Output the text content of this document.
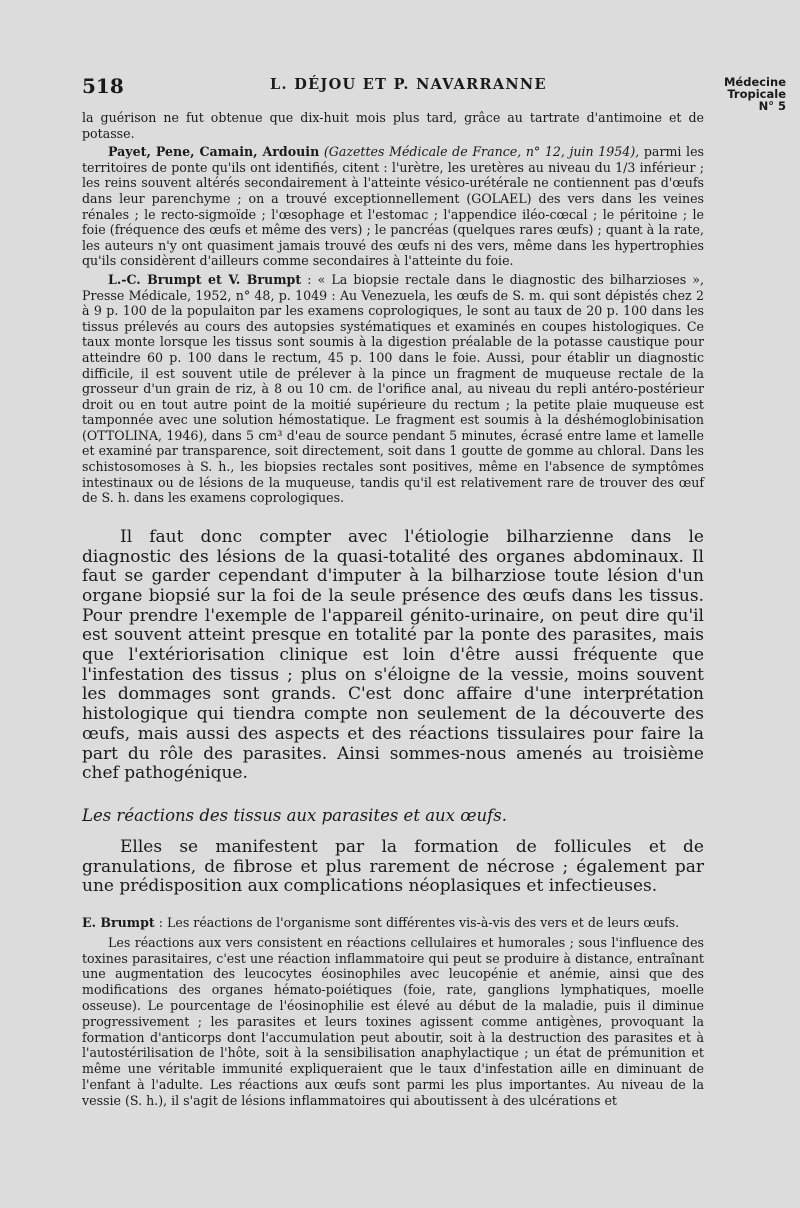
518	L. DÉJOU ET P. NAVARRANNE	Médecine
Tropicale
N° 5

la guérison ne fut obtenue que dix-huit mois plus tard, grâce au tartrate d'antimoine et de potasse.

Payet, Pene, Camain, Ardouin (Gazettes Médicale de France, n° 12, juin 1954), parmi les territoires de ponte qu'ils ont identifiés, citent : l'urètre, les uretères au niveau du 1/3 inférieur ; les reins souvent altérés secondairement à l'atteinte vésico-urétérale ne contiennent pas d'œufs dans leur parenchyme ; on a trouvé exceptionnellement (GOLAEL) des vers dans les veines rénales ; le recto-sigmoïde ; l'œsophage et l'estomac ; l'appendice iléo-cœcal ; le péritoine ; le foie (fréquence des œufs et même des vers) ; le pancréas (quelques rares œufs) ; quant à la rate, les auteurs n'y ont quasiment jamais trouvé des œufs ni des vers, même dans les hypertrophies qu'ils considèrent d'ailleurs comme secondaires à l'atteinte du foie.

L.-C. Brumpt et V. Brumpt : « La biopsie rectale dans le diagnostic des bilharzioses », Presse Médicale, 1952, n° 48, p. 1049 : Au Venezuela, les œufs de S. m. qui sont dépistés chez 2 à 9 p. 100 de la populaiton par les examens coprologiques, le sont au taux de 20 p. 100 dans les tissus prélevés au cours des autopsies systématiques et examinés en coupes histologiques. Ce taux monte lorsque les tissus sont soumis à la digestion préalable de la potasse caustique pour atteindre 60 p. 100 dans le rectum, 45 p. 100 dans le foie. Aussi, pour établir un diagnostic difficile, il est souvent utile de prélever à la pince un fragment de muqueuse rectale de la grosseur d'un grain de riz, à 8 ou 10 cm. de l'orifice anal, au niveau du repli antéro-postérieur droit ou en tout autre point de la moitié supérieure du rectum ; la petite plaie muqueuse est tamponnée avec une solution hémostatique. Le fragment est soumis à la déshémoglobinisation (OTTOLINA, 1946), dans 5 cm³ d'eau de source pendant 5 minutes, écrasé entre lame et lamelle et examiné par transparence, soit directement, soit dans 1 goutte de gomme au chloral. Dans les schistosomoses à S. h., les biopsies rectales sont positives, même en l'absence de symptômes intestinaux ou de lésions de la muqueuse, tandis qu'il est relativement rare de trouver des œuf de S. h. dans les examens coprologiques.

Il faut donc compter avec l'étiologie bilharzienne dans le diagnostic des lésions de la quasi-totalité des organes abdominaux. Il faut se garder cependant d'imputer à la bilharziose toute lésion d'un organe biopsié sur la foi de la seule présence des œufs dans les tissus. Pour prendre l'exemple de l'appareil génito-urinaire, on peut dire qu'il est souvent atteint presque en totalité par la ponte des parasites, mais que l'extériorisation clinique est loin d'être aussi fréquente que l'infestation des tissus ; plus on s'éloigne de la vessie, moins souvent les dommages sont grands. C'est donc affaire d'une interprétation histologique qui tiendra compte non seulement de la découverte des œufs, mais aussi des aspects et des réactions tissulaires pour faire la part du rôle des parasites. Ainsi sommes-nous amenés au troisième chef pathogénique.

Les réactions des tissus aux parasites et aux œufs.

Elles se manifestent par la formation de follicules et de granulations, de fibrose et plus rarement de nécrose ; également par une prédisposition aux complications néoplasiques et infectieuses.

E. Brumpt : Les réactions de l'organisme sont différentes vis-à-vis des vers et de leurs œufs.

Les réactions aux vers consistent en réactions cellulaires et humorales ; sous l'influence des toxines parasitaires, c'est une réaction inflammatoire qui peut se produire à distance, entraînant une augmentation des leucocytes éosinophiles avec leucopénie et anémie, ainsi que des modifications des organes hémato-poiétiques (foie, rate, ganglions lymphatiques, moelle osseuse). Le pourcentage de l'éosinophilie est élevé au début de la maladie, puis il diminue progressivement ; les parasites et leurs toxines agissent comme antigènes, provoquant la formation d'anticorps dont l'accumulation peut aboutir, soit à la destruction des parasites et à l'autostérilisation de l'hôte, soit à la sensibilisation anaphylactique ; un état de prémunition et même une véritable immunité expliqueraient que le taux d'infestation aille en diminuant de l'enfant à l'adulte. Les réactions aux œufs sont parmi les plus importantes. Au niveau de la vessie (S. h.), il s'agit de lésions inflammatoires qui aboutissent à des ulcérations et
